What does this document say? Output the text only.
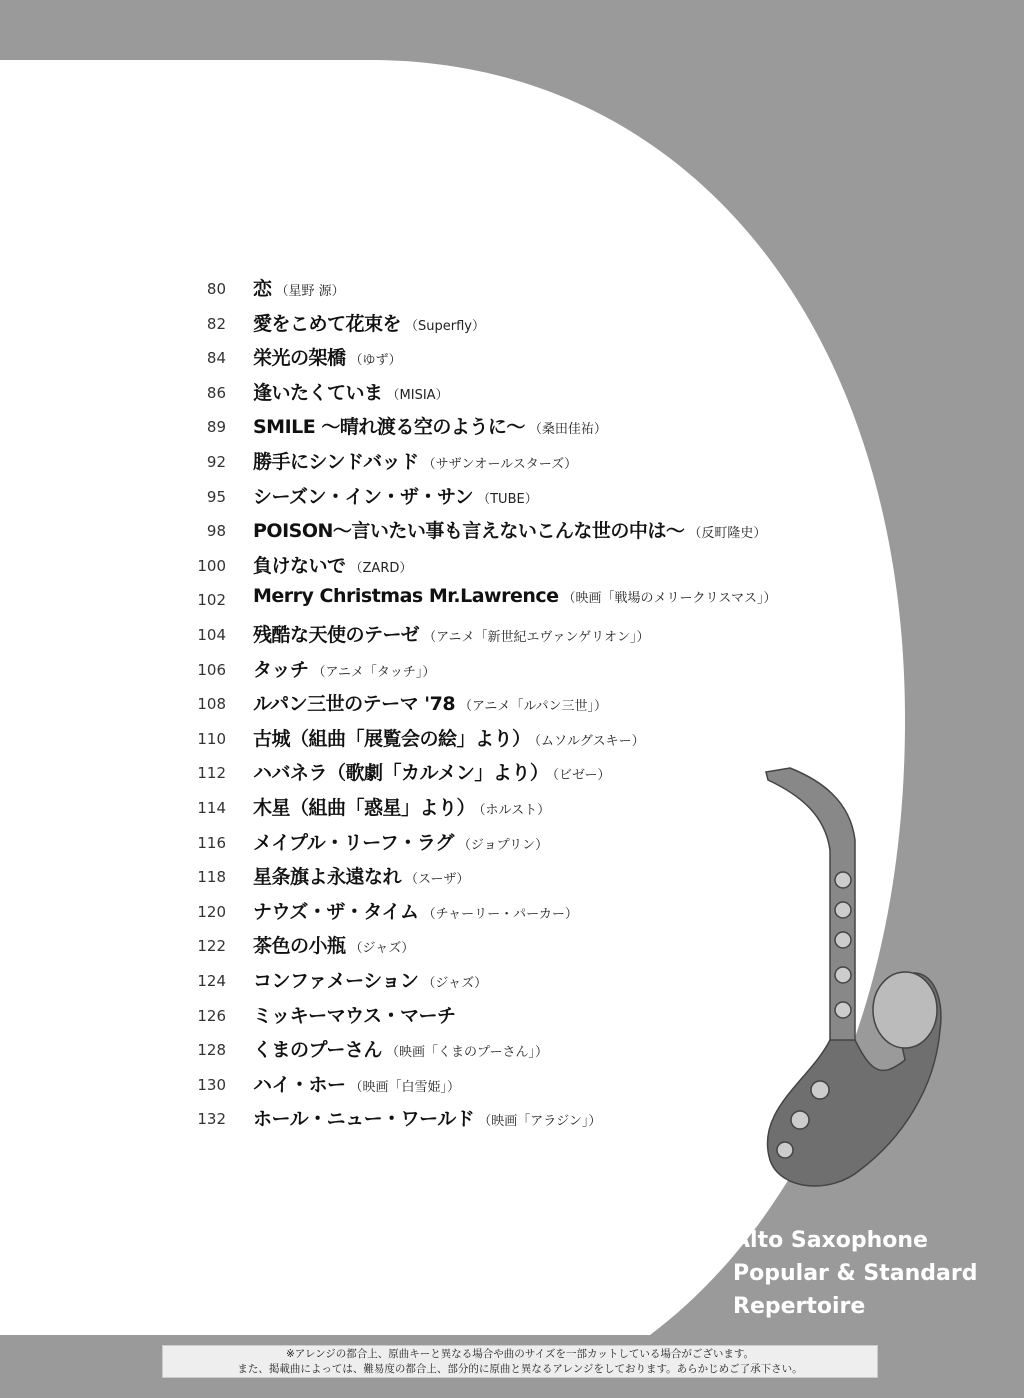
80 恋 （星野 源）
82 愛をこめて花束を （Superfly）
84 栄光の架橋 （ゆず）
86 逢いたくていま （MISIA）
89 SMILE ～晴れ渡る空のように～ （桑田佳祐）
92 勝手にシンドバッド （サザンオールスターズ）
95 シーズン・イン・ザ・サン （TUBE）
98 POISON～言いたい事も言えないこんな世の中は～ （反町隆史）
100 負けないで （ZARD）
102 Merry Christmas Mr.Lawrence （映画「戦場のメリークリスマス」）
104 残酷な天使のテーゼ （アニメ「新世紀エヴァンゲリオン」）
106 タッチ （アニメ「タッチ」）
108 ルパン三世のテーマ '78 （アニメ「ルパン三世」）
110 古城（組曲「展覧会の絵」より） （ムソルグスキー）
112 ハバネラ（歌劇「カルメン」より） （ビゼー）
114 木星（組曲「惑星」より） （ホルスト）
116 メイプル・リーフ・ラグ （ジョプリン）
118 星条旗よ永遠なれ （スーザ）
120 ナウズ・ザ・タイム （チャーリー・パーカー）
122 茶色の小瓶 （ジャズ）
124 コンファメーション （ジャズ）
126 ミッキーマウス・マーチ
128 くまのプーさん （映画「くまのプーさん」）
130 ハイ・ホー （映画「白雪姫」）
132 ホール・ニュー・ワールド （映画「アラジン」）
Alto Saxophone
Popular & Standard
Repertoire
※アレンジの都合上、原曲キーと異なる場合や曲のサイズを一部カットしている場合がございます。
また、掲載曲によっては、難易度の都合上、部分的に原曲と異なるアレンジをしております。あらかじめご了承下さい。
